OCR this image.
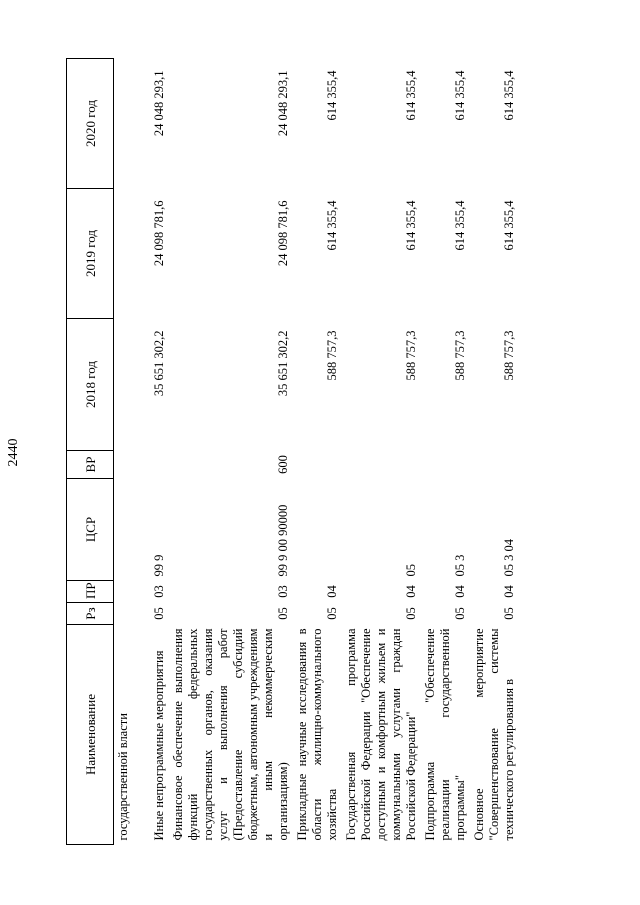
2440
Наименование	Рз	ПР	ЦСР	ВР	2018 год	2019 год	2020 год
государственной власти							
Иные непрограммные мероприятия	05	03	99 9		35 651 302,2	24 098 781,6	24 048 293,1
Финансовое обеспечение выполнения функций федеральных государственных органов, оказания услуг и выполнения работ (Предоставление субсидий бюджетным, автономным учреждениям и иным некоммерческим организациям)	05	03	99 9 00 90000	600	35 651 302,2	24 098 781,6	24 048 293,1
Прикладные научные исследования в области жилищно-коммунального хозяйства	05	04			588 757,3	614 355,4	614 355,4
Государственная программа Российской Федерации "Обеспечение доступным и комфортным жильем и коммунальными услугами граждан Российской Федерации"	05	04	05		588 757,3	614 355,4	614 355,4
Подпрограмма "Обеспечение реализации государственной программы"	05	04	05 3		588 757,3	614 355,4	614 355,4
Основное мероприятие "Совершенствование системы технического регулирования в	05	04	05 3 04		588 757,3	614 355,4	614 355,4
